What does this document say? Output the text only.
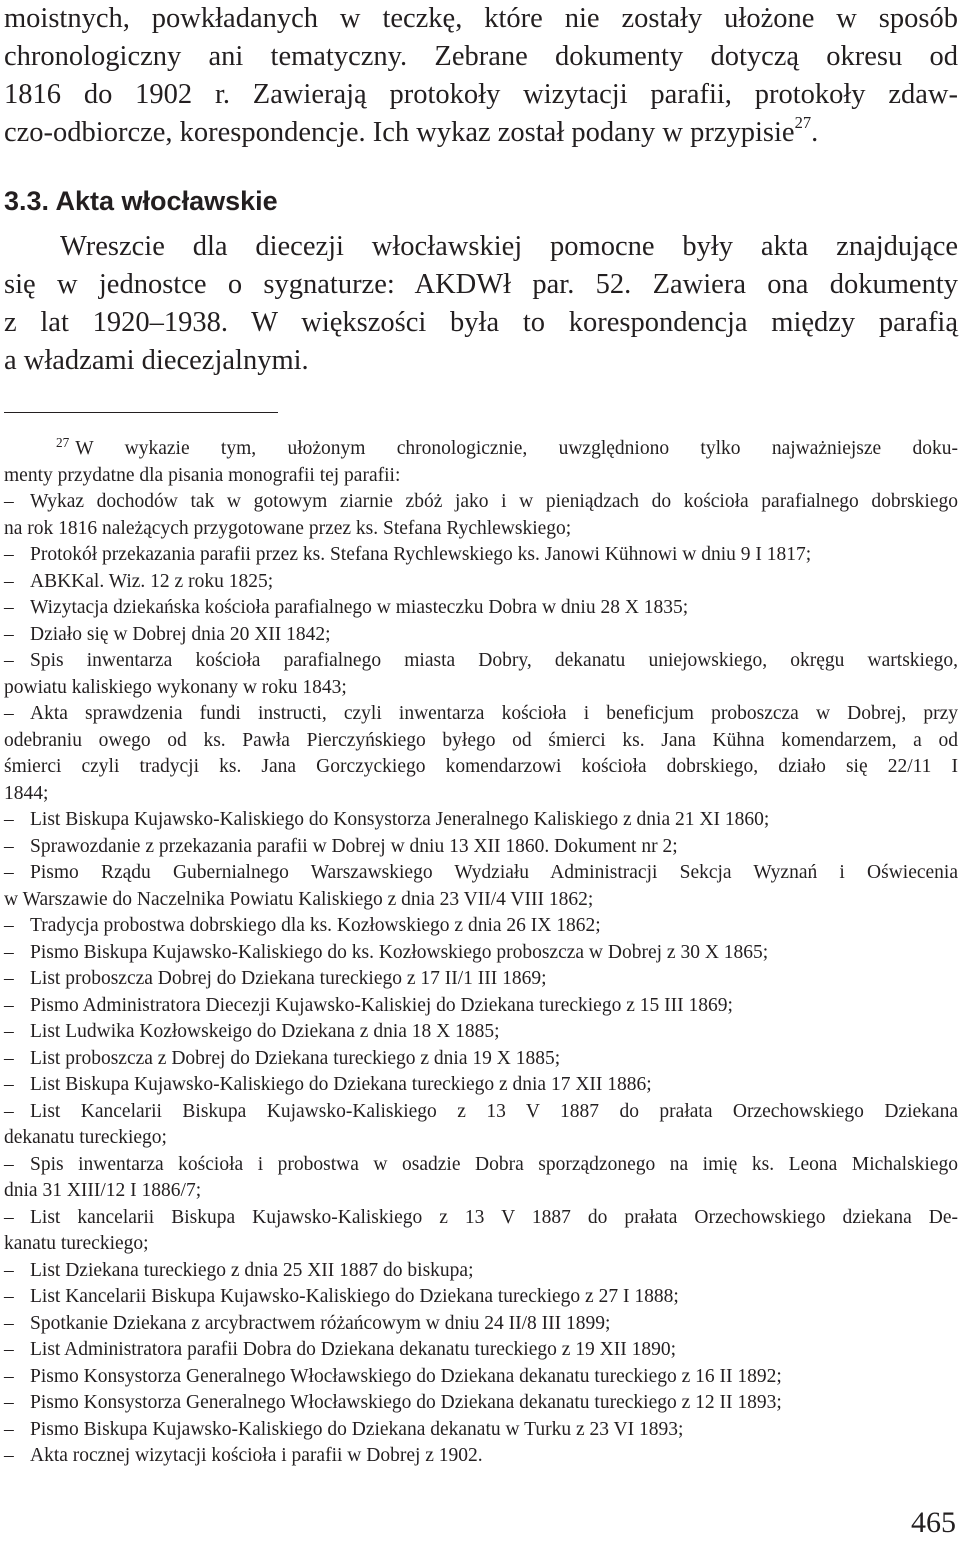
moistnych, powkładanych w teczkę, które nie zostały ułożone w sposób
chronologiczny ani tematyczny. Zebrane dokumenty dotyczą okresu od
1816 do 1902 r. Zawierają protokoły wizytacji parafii, protokoły zdaw-
czo-odbiorcze, korespondencje. Ich wykaz został podany w przypisie$^{27}$.
3.3. Akta włocławskie
Wreszcie dla diecezji włocławskiej pomocne były akta znajdujące
się w jednostce o sygnaturze: AKDWł par. 52. Zawiera ona dokumenty
z lat 1920–1938. W większości była to korespondencja między parafią
a władzami diecezjalnymi.
$^{27}$ W wykazie tym, ułożonym chronologicznie, uwzględniono tylko najważniejsze doku-
menty przydatne dla pisania monografii tej parafii:
– Wykaz dochodów tak w gotowym ziarnie zbóż jako i w pieniądzach do kościoła parafialnego dobrskiego
na rok 1816 należących przygotowane przez ks. Stefana Rychlewskiego;
– Protokół przekazania parafii przez ks. Stefana Rychlewskiego ks. Janowi Kühnowi w dniu 9 I 1817;
– ABKKal. Wiz. 12 z roku 1825;
– Wizytacja dziekańska kościoła parafialnego w miasteczku Dobra w dniu 28 X 1835;
– Działo się w Dobrej dnia 20 XII 1842;
– Spis inwentarza kościoła parafialnego miasta Dobry, dekanatu uniejowskiego, okręgu wartskiego,
powiatu kaliskiego wykonany w roku 1843;
– Akta sprawdzenia fundi instructi, czyli inwentarza kościoła i beneficjum proboszcza w Dobrej, przy
odebraniu owego od ks. Pawła Pierczyńskiego byłego od śmierci ks. Jana Kühna komendarzem, a od
śmierci czyli tradycji ks. Jana Gorczyckiego komendarzowi kościoła dobrskiego, działo się 22/11 I
1844;
– List Biskupa Kujawsko-Kaliskiego do Konsystorza Jeneralnego Kaliskiego z dnia 21 XI 1860;
– Sprawozdanie z przekazania parafii w Dobrej w dniu 13 XII 1860. Dokument nr 2;
– Pismo Rządu Gubernialnego Warszawskiego Wydziału Administracji Sekcja Wyznań i Oświecenia
w Warszawie do Naczelnika Powiatu Kaliskiego z dnia 23 VII/4 VIII 1862;
– Tradycja probostwa dobrskiego dla ks. Kozłowskiego z dnia 26 IX 1862;
– Pismo Biskupa Kujawsko-Kaliskiego do ks. Kozłowskiego proboszcza w Dobrej z 30 X 1865;
– List proboszcza Dobrej do Dziekana tureckiego z 17 II/1 III 1869;
– Pismo Administratora Diecezji Kujawsko-Kaliskiej do Dziekana tureckiego z 15 III 1869;
– List Ludwika Kozłowskeigo do Dziekana z dnia 18 X 1885;
– List proboszcza z Dobrej do Dziekana tureckiego z dnia 19 X 1885;
– List Biskupa Kujawsko-Kaliskiego do Dziekana tureckiego z dnia 17 XII 1886;
– List Kancelarii Biskupa Kujawsko-Kaliskiego z 13 V 1887 do prałata Orzechowskiego Dziekana
dekanatu tureckiego;
– Spis inwentarza kościoła i probostwa w osadzie Dobra sporządzonego na imię ks. Leona Michalskiego
dnia 31 XIII/12 I 1886/7;
– List kancelarii Biskupa Kujawsko-Kaliskiego z 13 V 1887 do prałata Orzechowskiego dziekana De-
kanatu tureckiego;
– List Dziekana tureckiego z dnia 25 XII 1887 do biskupa;
– List Kancelarii Biskupa Kujawsko-Kaliskiego do Dziekana tureckiego z 27 I 1888;
– Spotkanie Dziekana z arcybractwem różańcowym w dniu 24 II/8 III 1899;
– List Administratora parafii Dobra do Dziekana dekanatu tureckiego z 19 XII 1890;
– Pismo Konsystorza Generalnego Włocławskiego do Dziekana dekanatu tureckiego z 16 II 1892;
– Pismo Konsystorza Generalnego Włocławskiego do Dziekana dekanatu tureckiego z 12 II 1893;
– Pismo Biskupa Kujawsko-Kaliskiego do Dziekana dekanatu w Turku z 23 VI 1893;
– Akta rocznej wizytacji kościoła i parafii w Dobrej z 1902.
465
